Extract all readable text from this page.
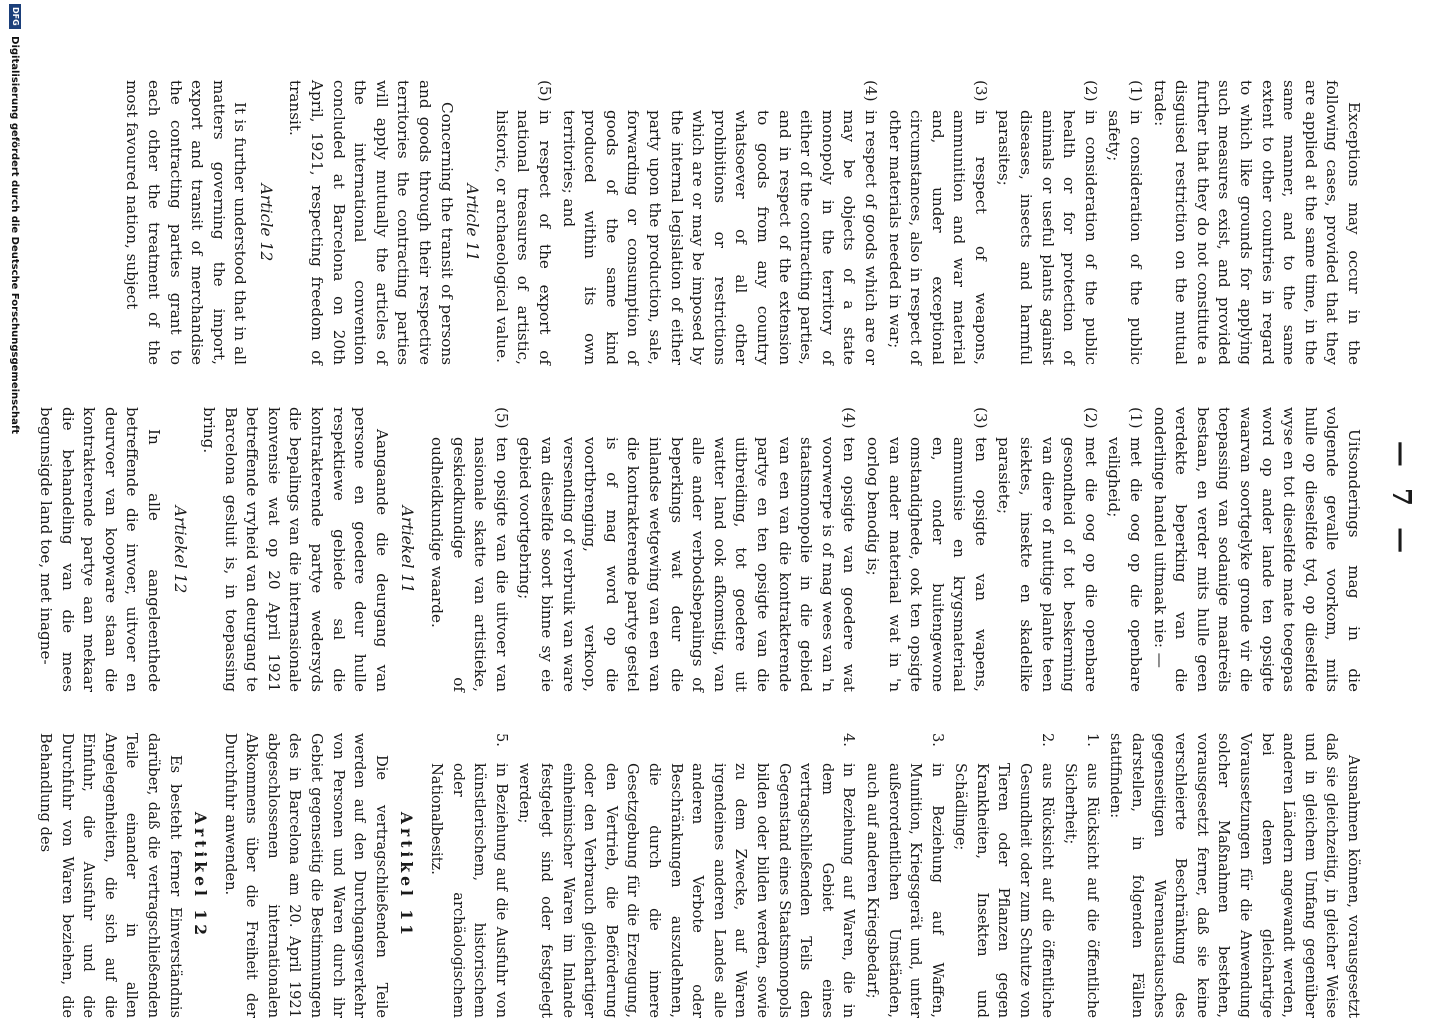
— 7 —

Exceptions may occur in the following cases, provided that they are applied at the same time, in the same manner, and to the same extent to other countries in regard to which like grounds for applying such measures exist, and provided further that they do not constitute a disguised restriction on the mutual trade:

(1)
in consideration of the public safety;
(2)
in consideration of the public health or for protection of animals or useful plants against diseases, insects and harmful parasites;
(3)
in respect of weapons, ammunition and war material and, under exceptional circumstances, also in respect of other materials needed in war;
(4)
in respect of goods which are or may be objects of a state monopoly in the territory of either of the contracting parties, and in respect of the extension to goods from any country whatsoever of all other prohibitions or restrictions which are or may be imposed by the internal legislation of either party upon the production, sale, forwarding or consumption of goods of the same kind produced within its own territories; and
(5)
in respect of the export of national treasures of artistic, historic, or archaeological value.
Article 11

Concerning the transit of persons and goods through their respective territories the contracting parties will apply mutually the articles of the international convention concluded at Barcelona on 20th April, 1921, respecting freedom of transit.

Article 12

It is further understood that in all matters governing the import, export and transit of merchandise the contracting parties grant to each other the treatment of the most favoured nation, subject

Uitsonderings mag in die volgende gevalle voorkom, mits hulle op dieselfde tyd, op dieselfde wyse en tot dieselfde mate toegepas word op ander lande ten opsigte waarvan soortgelyke gronde vir die toepassing van sodanige maatreëls bestaan, en verder mits hulle geen verdekte beperking van die onderlinge handel uitmaak nie: —

(1)
met die oog op die openbare veiligheid;
(2)
met die oog op die openbare gesondheid of tot beskerming van diere of nuttige plante teen siektes, insekte en skadelike parasiete;
(3)
ten opsigte van wapens, ammunisie en krygsmateriaal en, onder buitengewone omstandighede, ook ten opsigte van ander materiaal wat in 'n oorlog benodig is;
(4)
ten opsigte van goedere wat voorwerpe is of mag wees van 'n staatsmonopolie in die gebied van een van die kontrakterende partye en ten opsigte van die uitbreiding, tot goedere uit watter land ook afkomstig, van alle ander verbodsbepalings of beperkings wat deur die inlandse wetgewing van een van die kontrakterende partye gestel is of mag word op die voortbrenging, verkoop, versending of verbruik van ware van dieselfde soort binne sy eie gebied voortgebring;
(5)
ten opsigte van die uitvoer van nasionale skatte van artistieke, geskiedkundige of oudheidkundige waarde.
Artiekel 11

Aangaande die deurgang van persone en goedere deur hulle respektiewe gebiede sal die kontrakterende partye wedersyds die bepalings van die internasionale konvensie wat op 20 April 1921 betreffende vryheid van deurgang te Barcelona gesluit is, in toepassing bring.

Artiekel 12

In alle aangeleenthede betreffende die invoer, uitvoer en deurvoer van koopware staan die kontrakterende partye aan mekaar die behandeling van die mees begunsigde land toe, met inagne-

Ausnahmen können, vorausgesetzt daß sie gleichzeitig, in gleicher Weise und in gleichem Umfang gegenüber anderen Ländern angewandt werden, bei denen gleichartige Voraussetzungen für die Anwendung solcher Maßnahmen bestehen, vorausgesetzt ferner, daß sie keine verschleierte Beschränkung des gegenseitigen Warenaustausches darstellen, in folgenden Fällen stattfinden:

1.
aus Rücksicht auf die öffentliche Sicherheit;
2.
aus Rücksicht auf die öffentliche Gesundheit oder zum Schutze von Tieren oder Pflanzen gegen Krankheiten, Insekten und Schädlinge;
3.
in Beziehung auf Waffen, Munition, Kriegsgerät und, unter außerordentlichen Umständen, auch auf anderen Kriegsbedarf;
4.
in Beziehung auf Waren, die in dem Gebiet eines vertragschließenden Teils den Gegenstand eines Staatsmonopols bilden oder bilden werden, sowie zu dem Zwecke, auf Waren irgendeines anderen Landes alle anderen Verbote oder Beschränkungen auszudehnen, die durch die innere Gesetzgebung für die Erzeugung, den Vertrieb, die Beförderung oder den Verbrauch gleichartiger einheimischer Waren im Inlande festgelegt sind oder festgelegt werden;
5.
in Beziehung auf die Ausfuhr von künstlerischem, historischem oder archäologischem Nationalbesitz.
Artikel 11

Die vertragschließenden Teile werden auf den Durchgangsverkehr von Personen und Waren durch ihr Gebiet gegenseitig die Bestimmungen des in Barcelona am 20. April 1921 abgeschlossenen internationalen Abkommens über die Freiheit der Durchfuhr anwenden.

Artikel 12

Es besteht ferner Einverständnis darüber, daß die vertragschließenden Teile einander in allen Angelegenheiten, die sich auf die Einfuhr, die Ausfuhr und die Durchfuhr von Waren beziehen, die Behandlung des

DFG Digitalisierung gefördert durch die Deutsche Forschungsgemeinschaft
